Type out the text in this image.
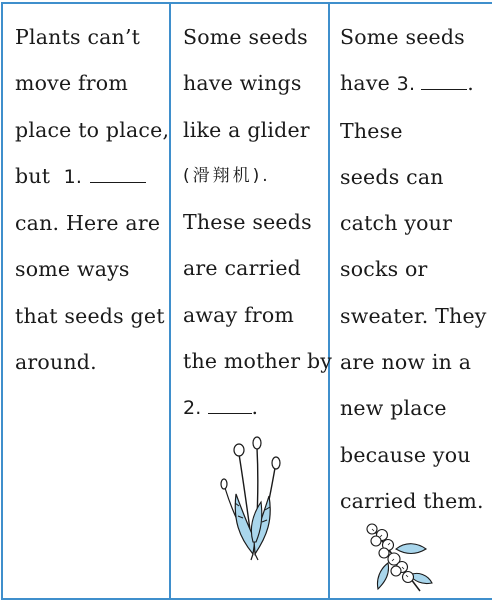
Plants can’t
move from
place to place,
but 1.
can. Here are
some ways
that seeds get
around.

Some seeds
have wings
like a glider
(滑翔机).
These seeds
are carried
away from
the mother by
2. .

Some seeds
have 3.	.
These
seeds can
catch your
socks or
sweater. They
are now in a
new place
because you
carried them.
